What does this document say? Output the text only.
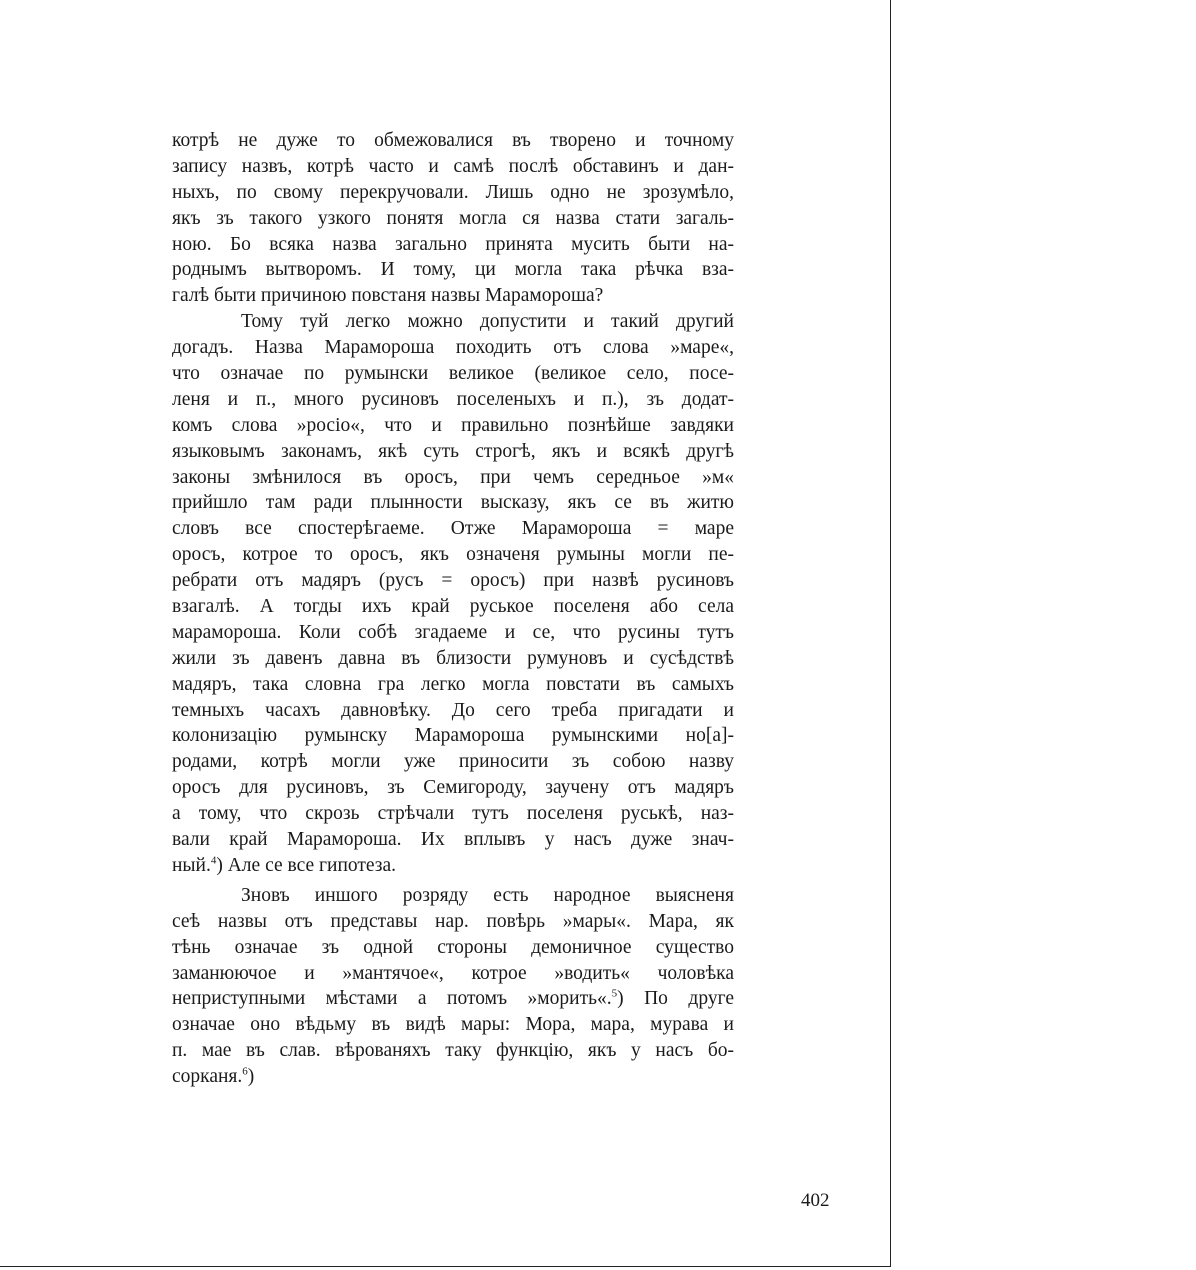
котрѣ не дуже то обмежовалися въ творено и точному
запису назвъ, котрѣ часто и самѣ послѣ обставинъ и дан-
ныхъ, по свому перекручовали. Лишь одно не зрозумѣло,
якъ зъ такого узкого понятя могла ся назва стати загаль-
ною. Бо всяка назва загально принята мусить быти на-
роднымъ вытворомъ. И тому, ци могла така рѣчка вза-
галѣ быти причиною повстаня назвы Марамороша?
Тому туй легко можно допустити и такий другий
догадъ. Назва Марамороша походить отъ слова »маре«,
что означае по румынски великое (великое село, посе-
леня и п., много русиновъ поселеныхъ и п.), зъ додат-
комъ слова »росіо«, что и правильно познѣйше завдяки
языковымъ законамъ, якѣ суть строгѣ, якъ и всякѣ другѣ
законы змѣнилося въ оросъ, при чемъ середньое »м«
прийшло там ради плынности высказу, якъ се въ житю
словъ все спостерѣгаеме. Отже Марамороша = маре
оросъ, котрое то оросъ, якъ означеня румыны могли пе-
ребрати отъ мадяръ (русъ = оросъ) при назвѣ русиновъ
взагалѣ. А тогды ихъ край руськое поселеня або села
марамороша. Коли собѣ згадаеме и се, что русины тутъ
жили зъ давенъ давна въ близости румуновъ и сусѣдствѣ
мадяръ, така словна гра легко могла повстати въ самыхъ
темныхъ часахъ давновѣку. До сего треба пригадати и
колонизацію румынску Марамороша румынскими но[а]-
родами, котрѣ могли уже приносити зъ собою назву
оросъ для русиновъ, зъ Семигороду, заучену отъ мадяръ
а тому, что скрозь стрѣчали тутъ поселеня руськѣ, наз-
вали край Марамороша. Их вплывъ у насъ дуже знач-
ный.$^4$) Але се все гипотеза.
Зновъ иншого розряду есть народное выясненя
сеѣ назвы отъ представы нар. повѣрь »мары«. Мара, як
тѣнь означае зъ одной стороны демоничное существо
заманюючое и »мантячое«, котрое »водить« чоловѣка
неприступными мѣстами а потомъ »морить«.$^5$) По друге
означае оно вѣдьму въ видѣ мары: Мора, мара, мурава и
п. мае въ слав. вѣрованяхъ таку функцію, якъ у насъ бо-
сорканя.$^6$)
402
